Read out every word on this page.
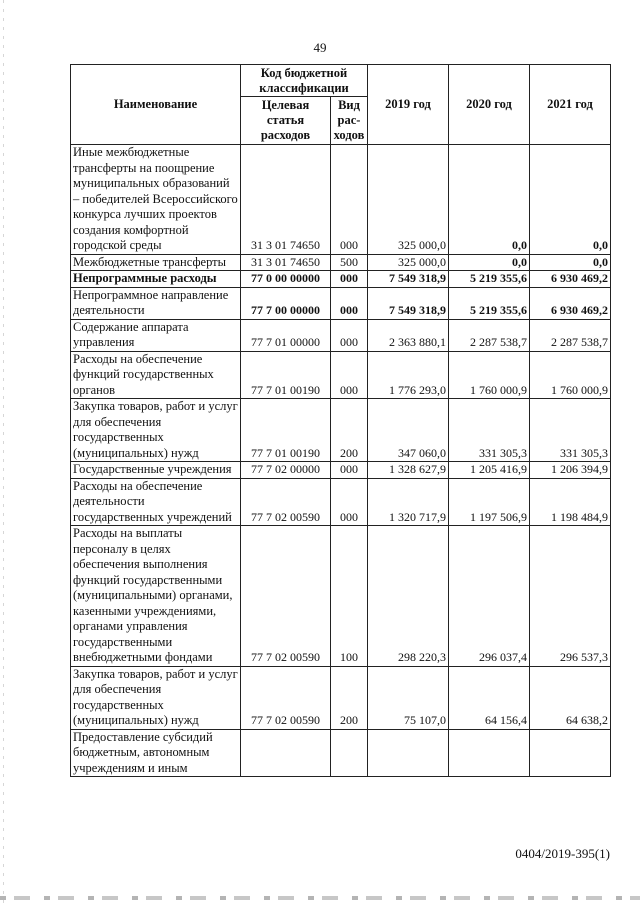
49
Наименование	Код бюджетной классификации		2019 год	2020 год	2021 год
	Целевая статья расходов	Вид рас-ходов			
Иные межбюджетные трансферты на поощрение муниципальных образований – победителей Всероссийского конкурса лучших проектов создания комфортной городской среды	31 3 01 74650	000	325 000,0	0,0	0,0
Межбюджетные трансферты	31 3 01 74650	500	325 000,0	0,0	0,0
Непрограммные расходы	77 0 00 00000	000	7 549 318,9	5 219 355,6	6 930 469,2
Непрограммное направление деятельности	77 7 00 00000	000	7 549 318,9	5 219 355,6	6 930 469,2
Содержание аппарата управления	77 7 01 00000	000	2 363 880,1	2 287 538,7	2 287 538,7
Расходы на обеспечение функций государственных органов	77 7 01 00190	000	1 776 293,0	1 760 000,9	1 760 000,9
Закупка товаров, работ и услуг для обеспечения государственных (муниципальных) нужд	77 7 01 00190	200	347 060,0	331 305,3	331 305,3
Государственные учреждения	77 7 02 00000	000	1 328 627,9	1 205 416,9	1 206 394,9
Расходы на обеспечение деятельности государственных учреждений	77 7 02 00590	000	1 320 717,9	1 197 506,9	1 198 484,9
Расходы на выплаты персоналу в целях обеспечения выполнения функций государственными (муниципальными) органами, казенными учреждениями, органами управления государственными внебюджетными фондами	77 7 02 00590	100	298 220,3	296 037,4	296 537,3
Закупка товаров, работ и услуг для обеспечения государственных (муниципальных) нужд	77 7 02 00590	200	75 107,0	64 156,4	64 638,2
Предоставление субсидий бюджетным, автономным учреждениям и иным					
0404/2019-395(1)
